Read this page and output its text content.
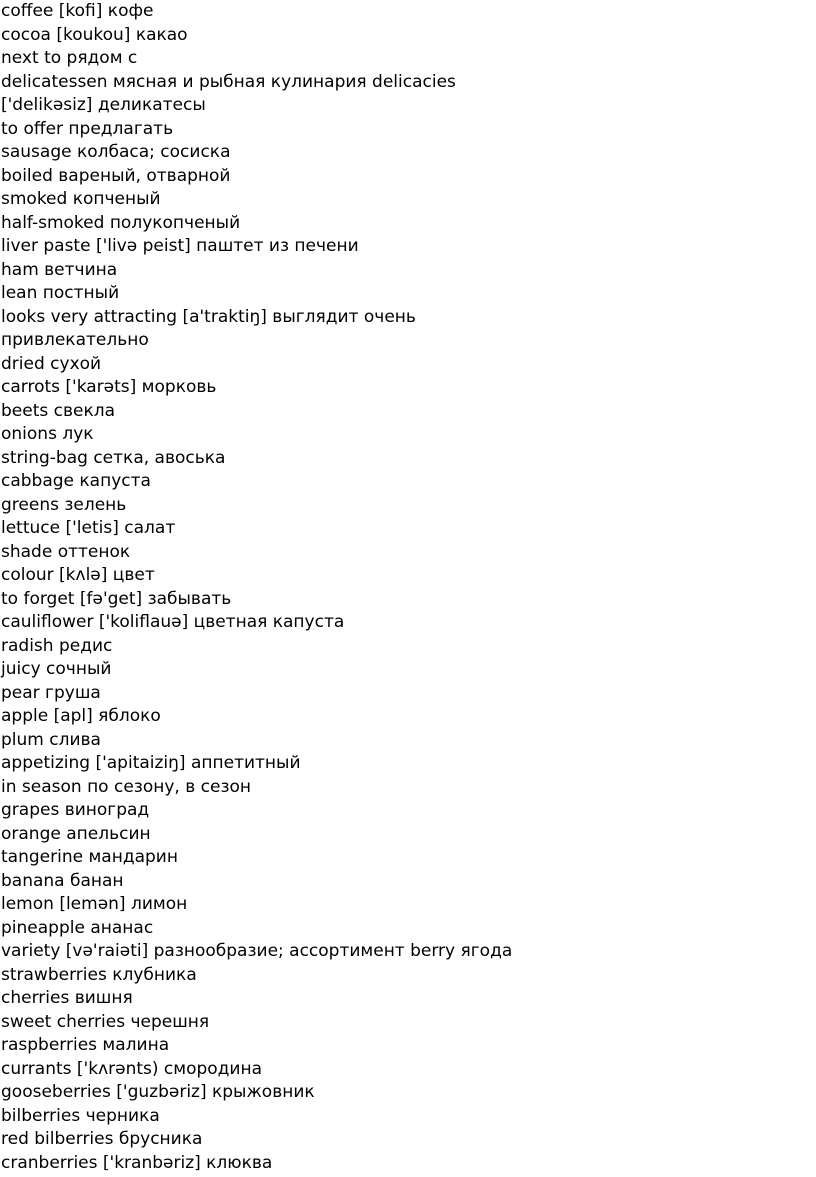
coffee [kofi] кофе

cocoa [koukou] какао

next to рядом с

delicatessen мясная и рыбная кулинария delicacies

['delikəsiz] деликатесы

to offer предлагать

sausage колбаса; сосиска

boiled вареный, отварной

smoked копченый

half-smoked полукопченый

liver paste ['livə peist] паштет из печени

ham ветчина

lean постный

looks very attracting [a'traktiŋ] выглядит очень

привлекательно

dried сухой

carrots ['karəts] морковь

beets свекла

onions лук

string-bag сетка, авоська

cabbage капуста

greens зелень

lettuce ['letis] салат

shade оттенок

colour [kʌlə] цвет

to forget [fə'get] забывать

cauliflower ['koliflauə] цветная капуста

radish редис

juicy сочный

pear груша

apple [apl] яблоко

plum слива

appetizing ['apitaiziŋ] аппетитный

in season по сезону, в сезон

grapes виноград

orange апельсин

tangerine мандарин

banana банан

lemon [lemən] лимон

pineapple ананас

variety [və'raiəti] разнообразие; ассортимент berry ягода

strawberries клубника

cherries вишня

sweet cherries черешня

raspberries малина

currants ['kʌrənts) смородина

gooseberries ['guzbəriz] крыжовник

bilberries черника

red bilberries брусника

cranberries ['kranbəriz] клюква
